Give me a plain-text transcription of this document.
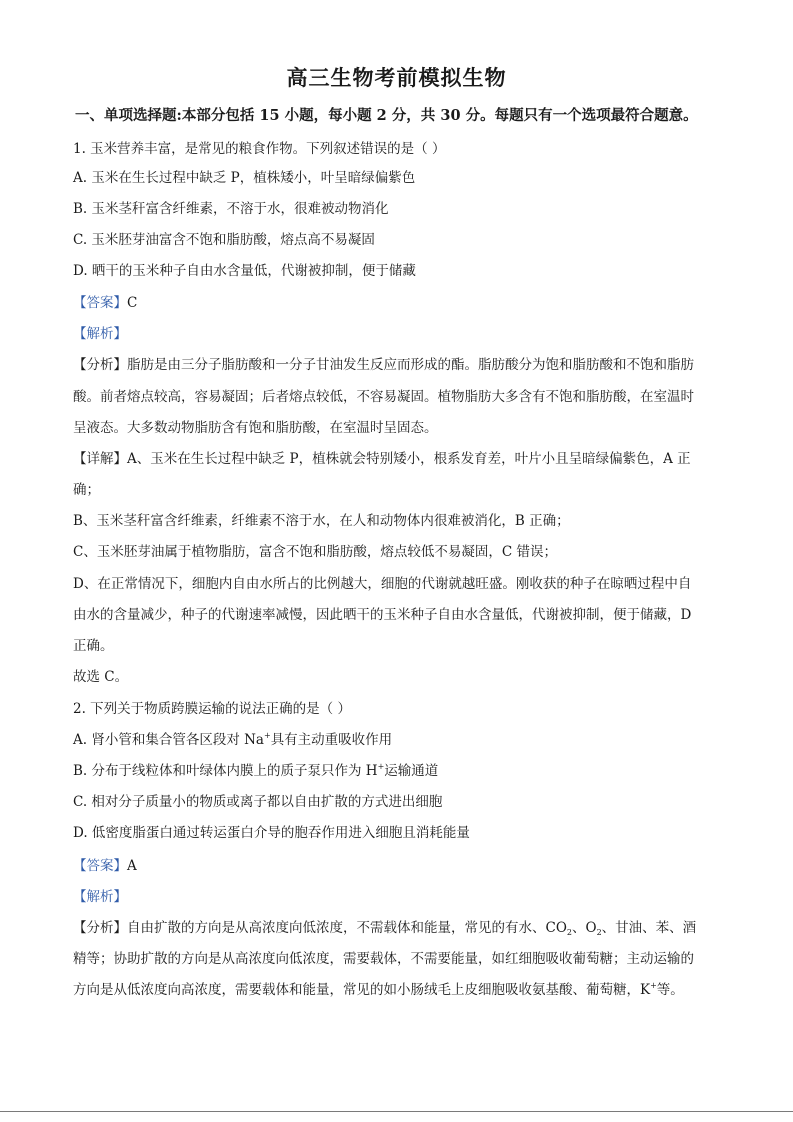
高三生物考前模拟生物
一、单项选择题:本部分包括 15 小题，每小题 2 分，共 30 分。每题只有一个选项最符合题意。
1. 玉米营养丰富，是常见的粮食作物。下列叙述错误的是（ ）
A. 玉米在生长过程中缺乏 P，植株矮小，叶呈暗绿偏紫色
B. 玉米茎秆富含纤维素，不溶于水，很难被动物消化
C. 玉米胚芽油富含不饱和脂肪酸，熔点高不易凝固
D. 晒干的玉米种子自由水含量低，代谢被抑制，便于储藏
【答案】C
【解析】
【分析】脂肪是由三分子脂肪酸和一分子甘油发生反应而形成的酯。脂肪酸分为饱和脂肪酸和不饱和脂肪
酸。前者熔点较高，容易凝固；后者熔点较低，不容易凝固。植物脂肪大多含有不饱和脂肪酸，在室温时
呈液态。大多数动物脂肪含有饱和脂肪酸，在室温时呈固态。
【详解】A、玉米在生长过程中缺乏 P，植株就会特别矮小，根系发育差，叶片小且呈暗绿偏紫色，A 正
确；
B、玉米茎秆富含纤维素，纤维素不溶于水，在人和动物体内很难被消化，B 正确；
C、玉米胚芽油属于植物脂肪，富含不饱和脂肪酸，熔点较低不易凝固，C 错误；
D、在正常情况下，细胞内自由水所占的比例越大，细胞的代谢就越旺盛。刚收获的种子在晾晒过程中自
由水的含量减少，种子的代谢速率减慢，因此晒干的玉米种子自由水含量低，代谢被抑制，便于储藏，D
正确。
故选 C。
2. 下列关于物质跨膜运输的说法正确的是（ ）
A. 肾小管和集合管各区段对 Na+具有主动重吸收作用
B. 分布于线粒体和叶绿体内膜上的质子泵只作为 H+运输通道
C. 相对分子质量小的物质或离子都以自由扩散的方式进出细胞
D. 低密度脂蛋白通过转运蛋白介导的胞吞作用进入细胞且消耗能量
【答案】A
【解析】
【分析】自由扩散的方向是从高浓度向低浓度，不需载体和能量，常见的有水、$CO_2$、$O_2$、甘油、苯、酒
精等；协助扩散的方向是从高浓度向低浓度，需要载体，不需要能量，如红细胞吸收葡萄糖；主动运输的
方向是从低浓度向高浓度，需要载体和能量，常见的如小肠绒毛上皮细胞吸收氨基酸、葡萄糖，K+等。
